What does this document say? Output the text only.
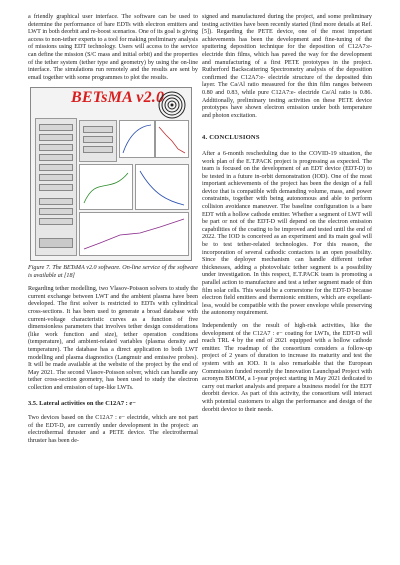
a friendly graphical user interface. The software can be used to determine the performance of bare EDTs with electron emitters and LWT in both deorbit and re-boost scenarios. One of its goal is giving access to non-tether experts to a tool for making preliminary analysis of missions using EDT technology. Users will access to the service can define the mission (S/C mass and initial orbit) and the properties of the tether system (tether type and geometry) by using the on-line interface. The simulations run remotely and the results are sent by email together with some programmes to plot the results.

BETsMA v2.0

Figure 7. The BETsMA v2.0 software. On-line service of the software is available at [18]

Regarding tether modelling, two Vlasov-Poisson solvers to study the current exchange between LWT and the ambient plasma have been developed. The first solver is restricted to EDTs with cylindrical cross-sections. It has been used to generate a broad database with current-voltage characteristic curves as a function of five dimensionless parameters that involves tether design considerations (like work function and size), tether operation conditions (temperature), and ambient-related variables (plasma density and temperature). The database has a direct application to both LWT modelling and plasma diagnostics (Langmuir and emissive probes). It will be made available at the website of the project by the end of May 2021. The second Vlasov-Poisson solver, which can handle any tether cross-section geometry, has been used to study the electron collection and emission of tape-like LWTs.

3.5. Lateral activities on the C12A7 : e−

Two devices based on the C12A7 : e− electride, which are not part of the EDT-D, are currently under development in the project: an electrothermal thruster and a PETE device. The electrothermal thruster has been de-

signed and manufactured during the project, and some preliminary testing activities have been recently started (find more details at Ref. [5]). Regarding the PETE device, one of the most important achievements has been the development and fine-tuning of the sputtering deposition technique for the deposition of C12A7:e- electride thin films, which has paved the way for the development and manufacturing of a first PETE prototypes in the project. Rutherford Backscattering Spectrometry analysis of the deposition confirmed the C12A7:e- electride structure of the deposited thin layer. The Ca/Al ratio measured for the thin film ranges between 0.80 and 0.83, while pure C12A7:e- electride Ca/Al ratio is 0.86. Additionally, preliminary testing activities on these PETE device prototypes have shown electron emission under both temperature and photon excitation.

4. CONCLUSIONS

After a 6-month rescheduling due to the COVID-19 situation, the work plan of the E.T.PACK project is progressing as expected. The team is focused on the development of an EDT device (EDT-D) to be tested in a future in-orbit demonstration (IOD). One of the most important achievements of the project has been the design of a full device that is compatible with demanding volume, mass, and power constraints, together with being autonomous and able to perform collision avoidance maneuver. The baseline configuration is a bare EDT with a hollow cathode emitter. Whether a segment of LWT will be part or not of the EDT-D will depend on the electron emission capabilities of the coating to be improved and tested until the end of 2022. The IOD is conceived as an experiment and its main goal will be to test tether-related technologies. For this reason, the incorporation of several cathodic contactors is an open possibility. Since the deployer mechanism can handle different tether thicknesses, adding a photovoltaic tether segment is a possibility under investigation. In this respect, E.T.PACK team is promoting a parallel action to manufacture and test a tether segment made of thin film solar cells. This would be a cornerstone for the EDT-D because electron field emitters and thermionic emitters, which are expellant-less, would be compatible with the power envelope while preserving the autonomy requirement.

Independently on the result of high-risk activities, like the development of the C12A7 : e− coating for LWTs, the EDT-D will reach TRL 4 by the end of 2021 equipped with a hollow cathode emitter. The roadmap of the consortium considers a follow-up project of 2 years of duration to increase its maturity and test the system with an IOD. It is also remarkable that the European Commission funded recently the Innovation Launchpad Project with acronym BMOM, a 1-year project starting in May 2021 dedicated to carry out market analysis and prepare a business model for the EDT deorbit device. As part of this activity, the consortium will interact with potential customers to align the performance and design of the deorbit device to their needs.
